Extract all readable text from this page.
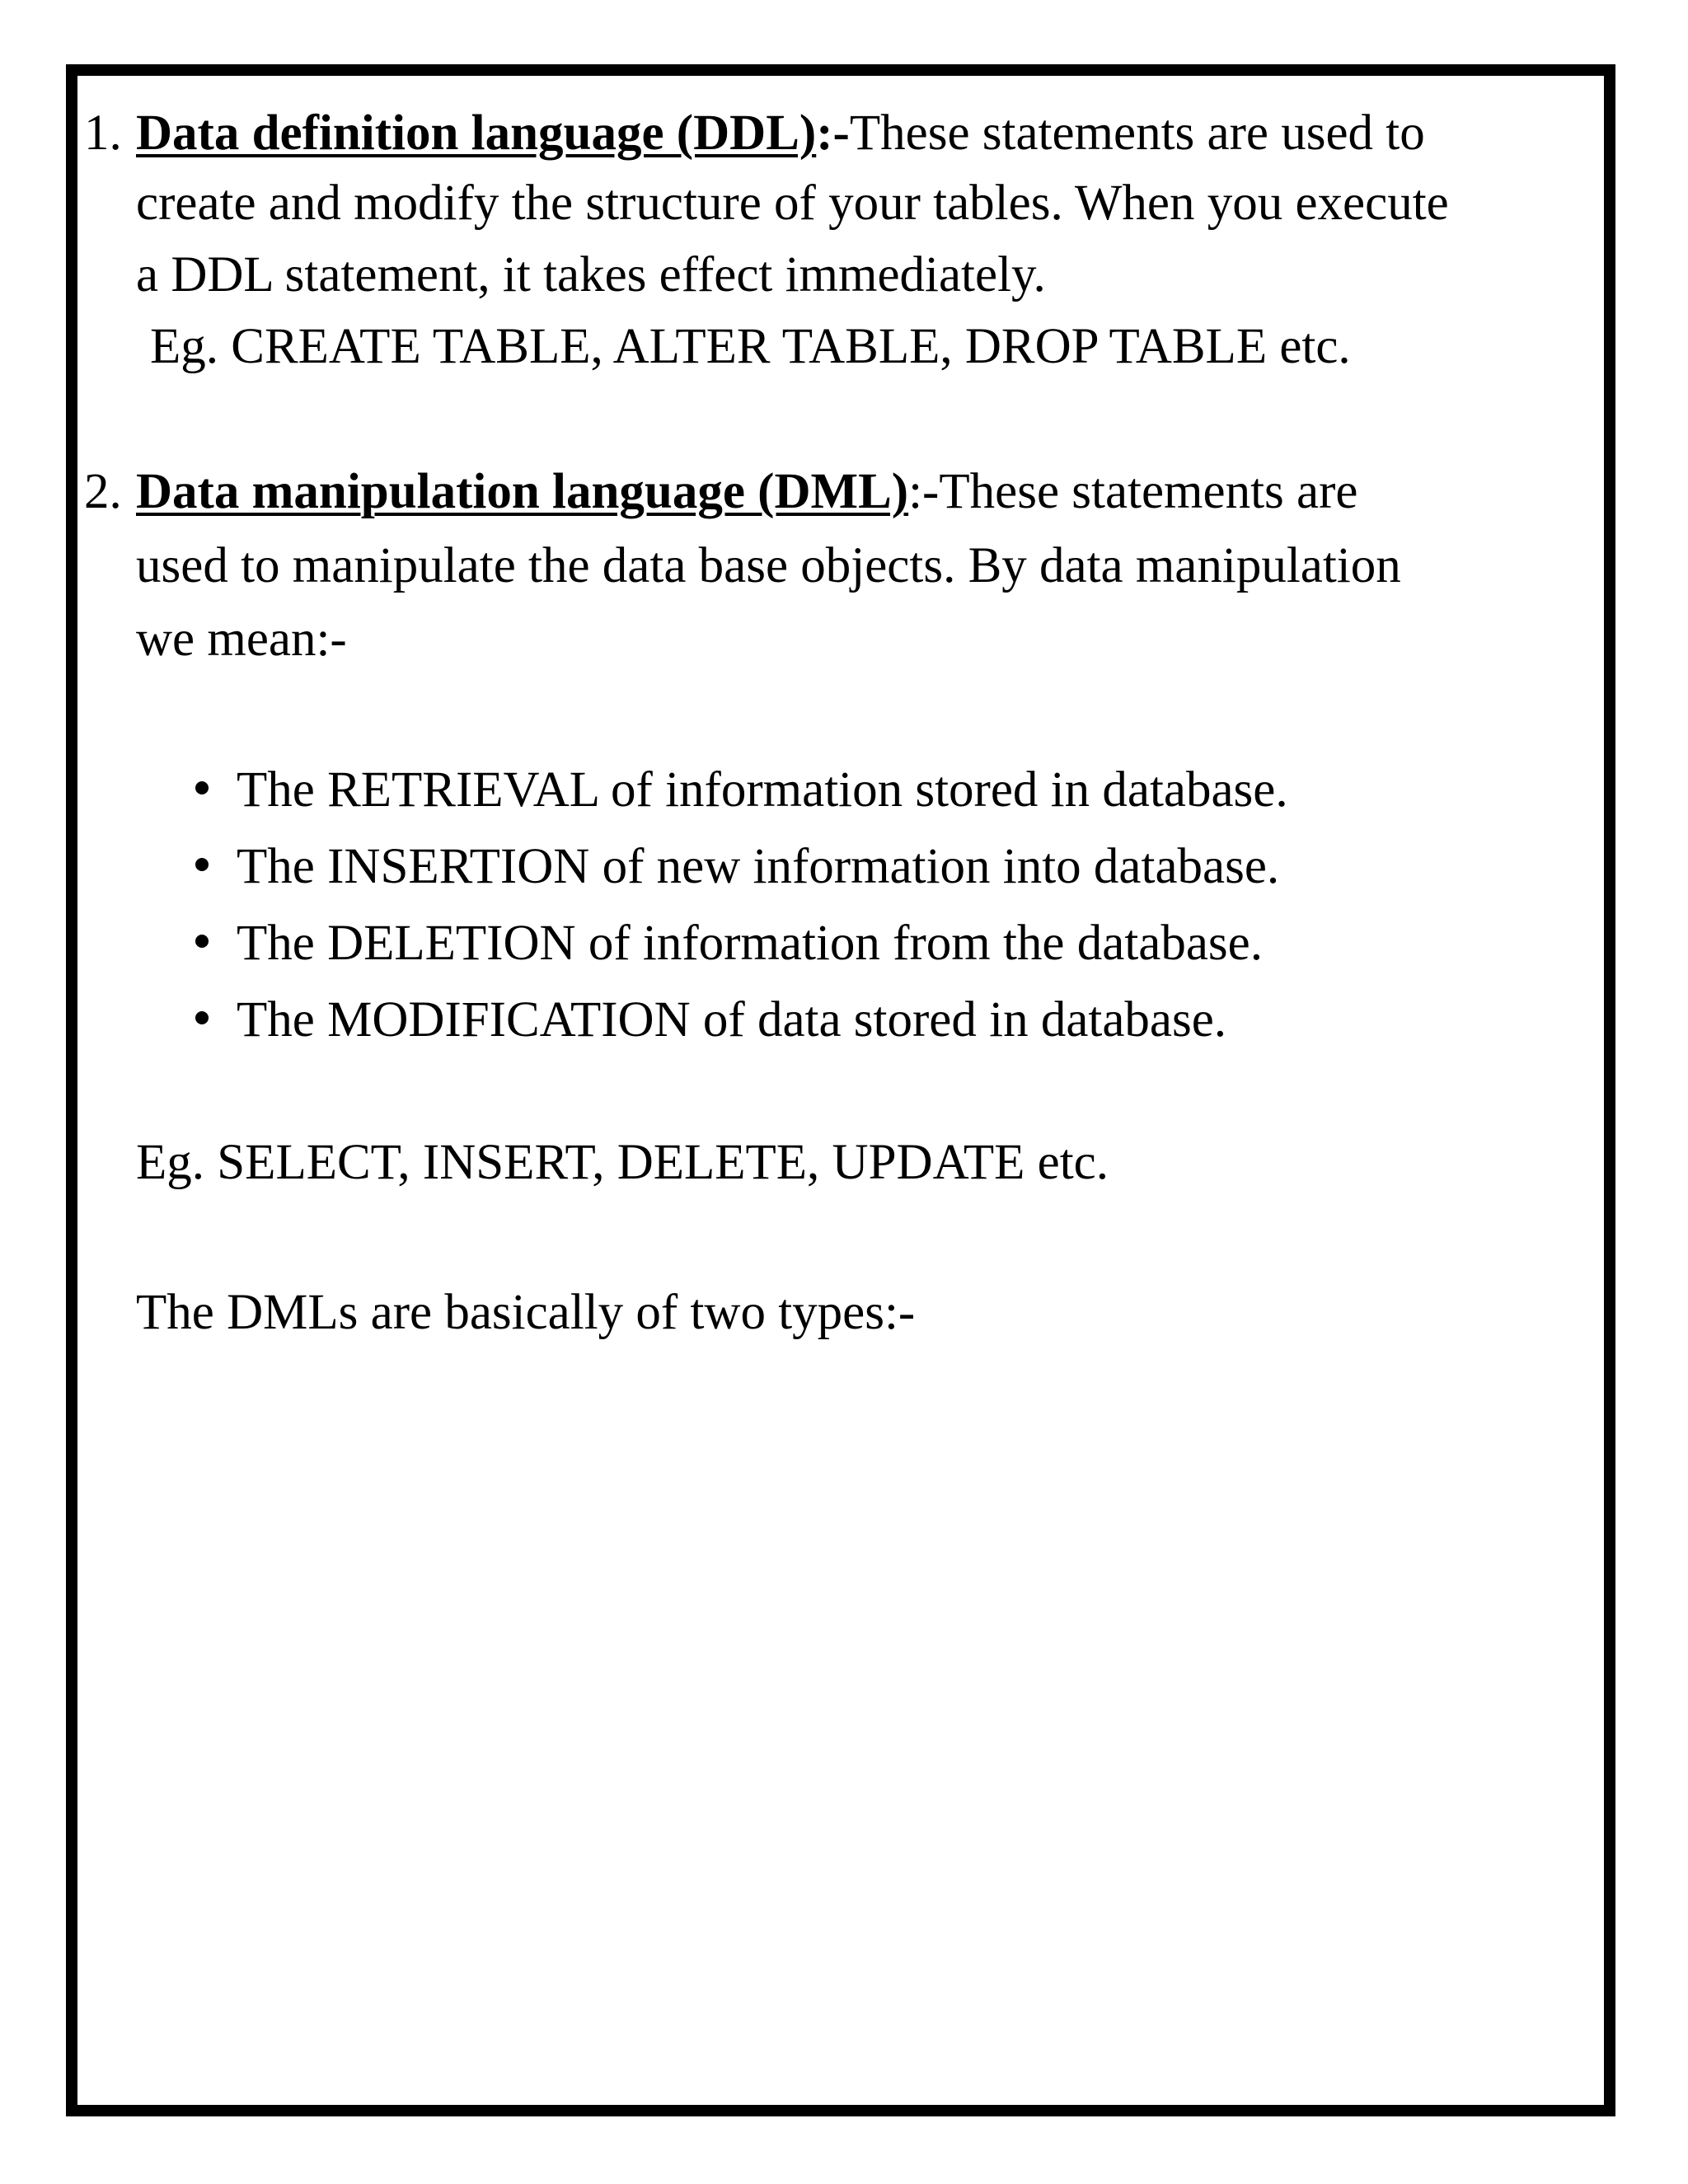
1. Data definition language (DDL):-These statements are used to
create and modify the structure of your tables. When you execute
a DDL statement, it takes effect immediately.
Eg. CREATE TABLE, ALTER TABLE, DROP TABLE etc.
2. Data manipulation language (DML):-These statements are
used to manipulate the data base objects. By data manipulation
we mean:-
The RETRIEVAL of information stored in database.
The INSERTION of new information into database.
The DELETION of information from the database.
The MODIFICATION of data stored in database.
Eg. SELECT, INSERT, DELETE, UPDATE etc.
The DMLs are basically of two types:-
